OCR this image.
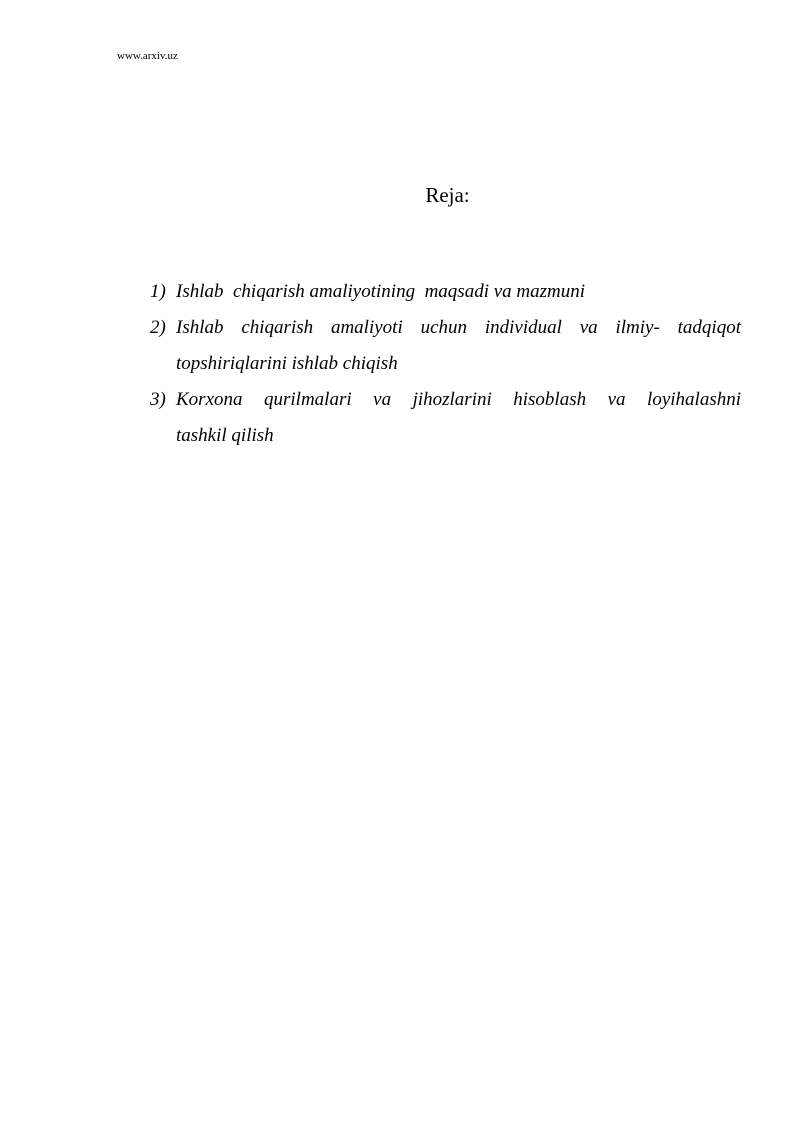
www.arxiv.uz
Reja:
1) Ishlab  chiqarish amaliyotining  maqsadi va mazmuni
2) Ishlab chiqarish amaliyoti uchun individual va ilmiy- tadqiqot
topshiriqlarini ishlab chiqish
3) Korxona qurilmalari va jihozlarini hisoblash va loyihalashni
tashkil qilish
